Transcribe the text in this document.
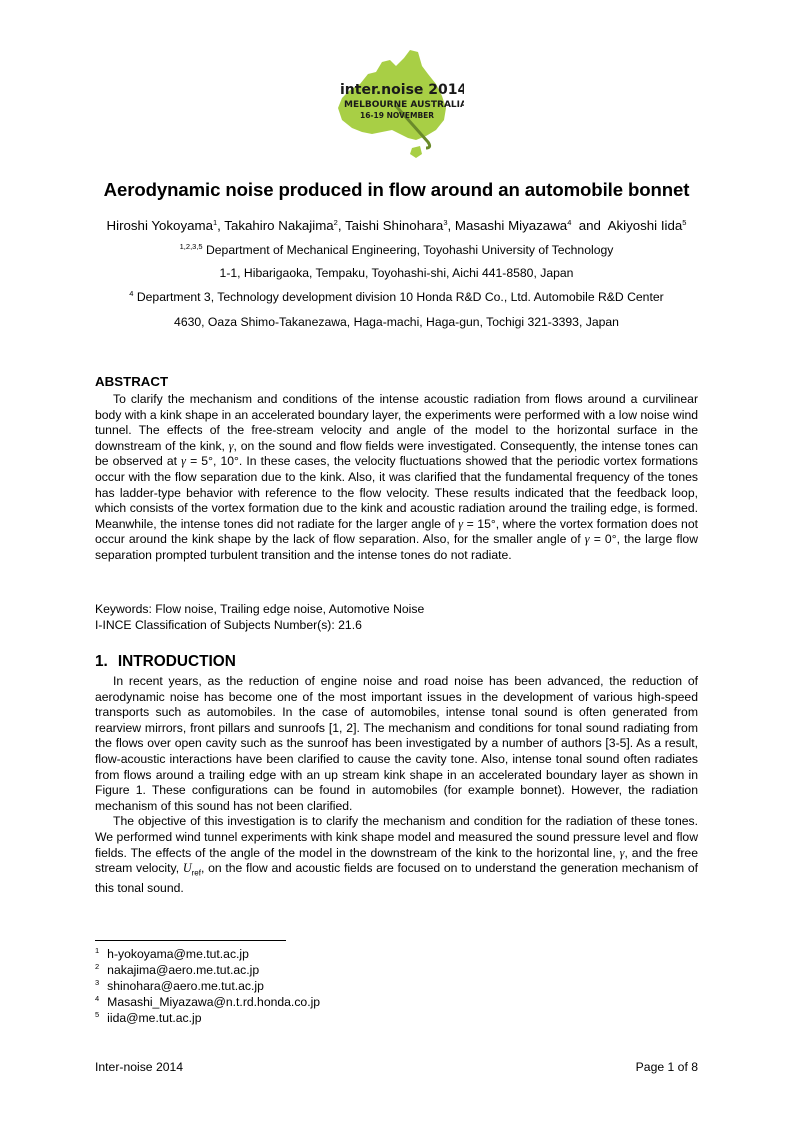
inter.noise 2014
MELBOURNE AUSTRALIA
16-19 NOVEMBER
Aerodynamic noise produced in flow around an automobile bonnet
Hiroshi Yokoyama$^1$, Takahiro Nakajima$^2$, Taishi Shinohara$^3$, Masashi Miyazawa$^4$  and  Akiyoshi Iida$^5$
$^{1,2,3,5}$ Department of Mechanical Engineering, Toyohashi University of Technology
1-1, Hibarigaoka, Tempaku, Toyohashi-shi, Aichi 441-8580, Japan
$^4$ Department 3, Technology development division 10 Honda R&D Co., Ltd. Automobile R&D Center
4630, Oaza Shimo-Takanezawa, Haga-machi, Haga-gun, Tochigi 321-3393, Japan
ABSTRACT

To clarify the mechanism and conditions of the intense acoustic radiation from flows around a curvilinear body with a kink shape in an accelerated boundary layer, the experiments were performed with a low noise wind tunnel. The effects of the free-stream velocity and angle of the model to the horizontal surface in the downstream of the kink, γ, on the sound and flow fields were investigated. Consequently, the intense tones can be observed at γ = 5°, 10°. In these cases, the velocity fluctuations showed that the periodic vortex formations occur with the flow separation due to the kink. Also, it was clarified that the fundamental frequency of the tones has ladder-type behavior with reference to the flow velocity. These results indicated that the feedback loop, which consists of the vortex formation due to the kink and acoustic radiation around the trailing edge, is formed. Meanwhile, the intense tones did not radiate for the larger angle of γ = 15°, where the vortex formation does not occur around the kink shape by the lack of flow separation. Also, for the smaller angle of γ = 0°, the large flow separation prompted turbulent transition and the intense tones do not radiate.

Keywords: Flow noise, Trailing edge noise, Automotive Noise
I-INCE Classification of Subjects Number(s): 21.6
1. INTRODUCTION

In recent years, as the reduction of engine noise and road noise has been advanced, the reduction of aerodynamic noise has become one of the most important issues in the development of various high-speed transports such as automobiles. In the case of automobiles, intense tonal sound is often generated from rearview mirrors, front pillars and sunroofs [1, 2]. The mechanism and conditions for tonal sound radiating from the flows over open cavity such as the sunroof has been investigated by a number of authors [3-5]. As a result, flow-acoustic interactions have been clarified to cause the cavity tone. Also, intense tonal sound often radiates from flows around a trailing edge with an up stream kink shape in an accelerated boundary layer as shown in Figure 1. These configurations can be found in automobiles (for example bonnet). However, the radiation mechanism of this sound has not been clarified.

The objective of this investigation is to clarify the mechanism and condition for the radiation of these tones. We performed wind tunnel experiments with kink shape model and measured the sound pressure level and flow fields. The effects of the angle of the model in the downstream of the kink to the horizontal line, γ, and the free stream velocity, $U_{ref}$, on the flow and acoustic fields are focused on to understand the generation mechanism of this tonal sound.

$^1$ h-yokoyama@me.tut.ac.jp
$^2$ nakajima@aero.me.tut.ac.jp
$^3$ shinohara@aero.me.tut.ac.jp
$^4$ Masashi_Miyazawa@n.t.rd.honda.co.jp
$^5$ iida@me.tut.ac.jp
Inter-noise 2014	Page 1 of 8
